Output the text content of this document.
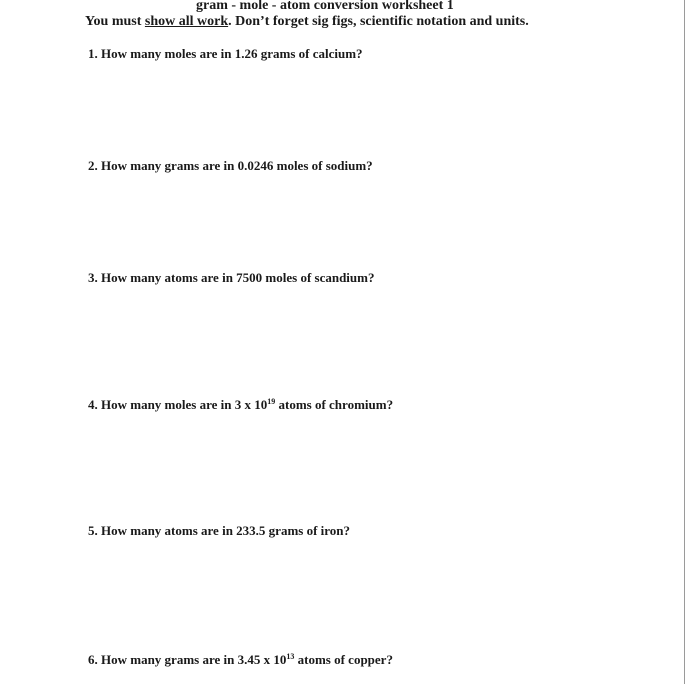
gram - mole - atom conversion worksheet 1
You must show all work. Don’t forget sig figs, scientific notation and units.
1. How many moles are in 1.26 grams of calcium?
2. How many grams are in 0.0246 moles of sodium?
3. How many atoms are in 7500 moles of scandium?
4. How many moles are in 3 x $10^{19}$ atoms of chromium?
5. How many atoms are in 233.5 grams of iron?
6. How many grams are in 3.45 x $10^{13}$ atoms of copper?
